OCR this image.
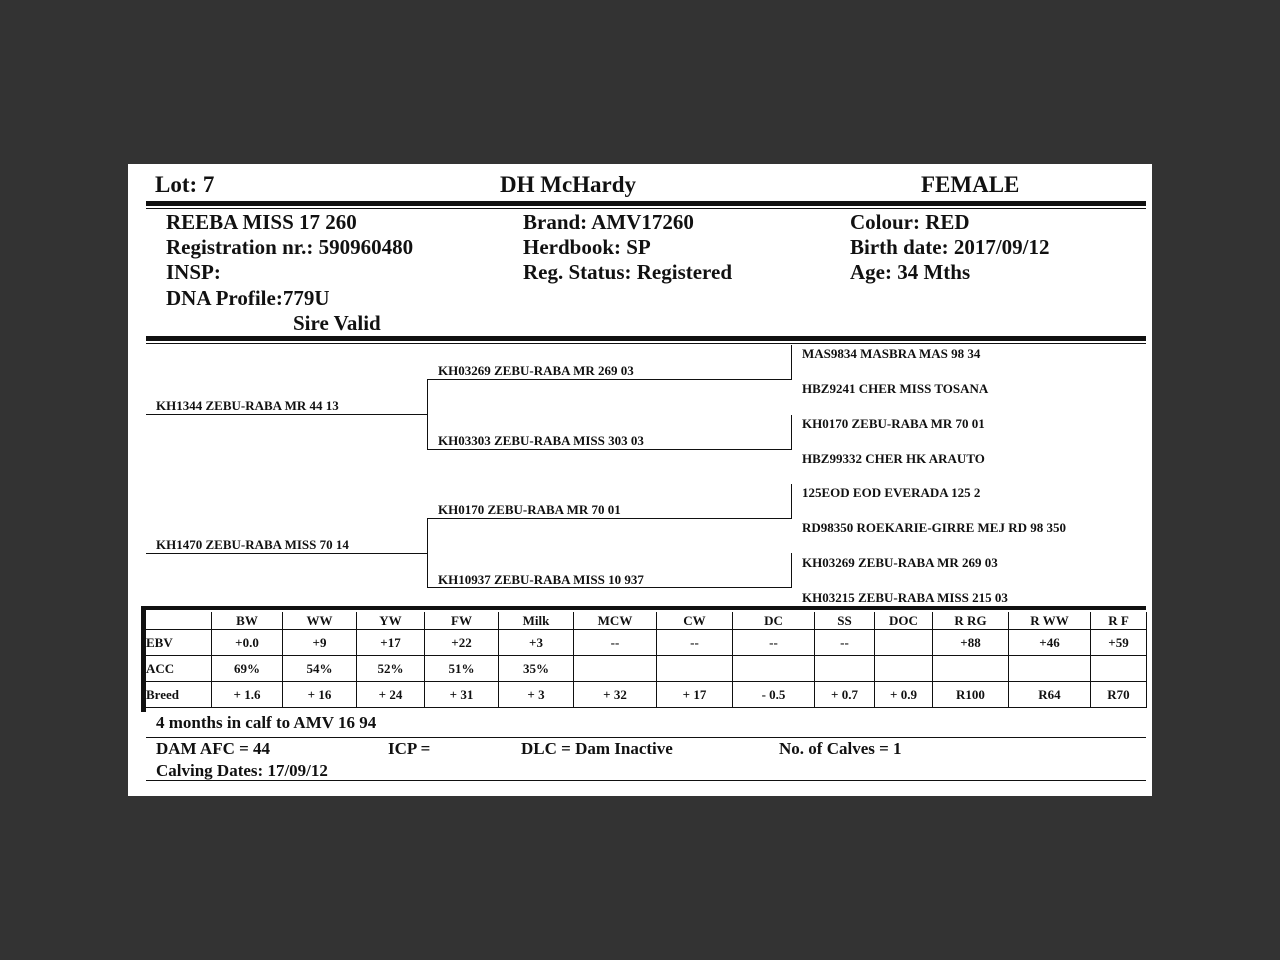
Lot: 7	DH McHardy	FEMALE
REEBA MISS 17 260
Registration nr.: 590960480
INSP:
DNA Profile:779U
Sire Valid
Brand: AMV17260
Herdbook: SP
Reg. Status: Registered
Colour: RED
Birth date: 2017/09/12
Age: 34 Mths
KH1344 ZEBU-RABA MR 44 13
KH1470 ZEBU-RABA MISS 70 14
KH03269 ZEBU-RABA MR 269 03
KH03303 ZEBU-RABA MISS 303 03
KH0170 ZEBU-RABA MR 70 01
KH10937 ZEBU-RABA MISS 10 937
MAS9834 MASBRA MAS 98 34
HBZ9241 CHER MISS TOSANA
KH0170 ZEBU-RABA MR 70 01
HBZ99332 CHER HK ARAUTO
125EOD EOD EVERADA 125 2
RD98350 ROEKARIE-GIRRE MEJ RD 98 350
KH03269 ZEBU-RABA MR 269 03
KH03215 ZEBU-RABA MISS 215 03
	BW	WW	YW	FW	Milk	MCW	CW	DC	SS	DOC	R RG	R WW	R F
EBV	+0.0	+9	+17	+22	+3	--	--	--	--		+88	+46	+59
ACC	69%	54%	52%	51%	35%								
Breed	+ 1.6	+ 16	+ 24	+ 31	+ 3	+ 32	+ 17	- 0.5	+ 0.7	+ 0.9	R100	R64	R70
4 months in calf to AMV 16 94
DAM AFC = 44	ICP =	DLC = Dam Inactive	No. of Calves = 1
Calving Dates: 17/09/12
